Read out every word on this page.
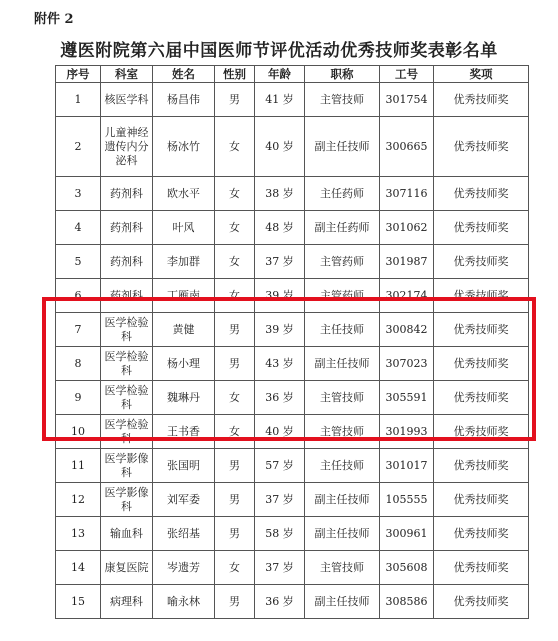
附件 2
遵医附院第六届中国医师节评优活动优秀技师奖表彰名单
序号	科室	姓名	性别	年龄	职称	工号	奖项
1	核医学科	杨昌伟	男	41 岁	主管技师	301754	优秀技师奖
2	儿童神经遗传内分泌科	杨冰竹	女	40 岁	副主任技师	300665	优秀技师奖
3	药剂科	欧水平	女	38 岁	主任药师	307116	优秀技师奖
4	药剂科	叶风	女	48 岁	副主任药师	301062	优秀技师奖
5	药剂科	李加群	女	37 岁	主管药师	301987	优秀技师奖
6	药剂科	丁雁南	女	39 岁	主管药师	302174	优秀技师奖
7	医学检验科	黄健	男	39 岁	主任技师	300842	优秀技师奖
8	医学检验科	杨小理	男	43 岁	副主任技师	307023	优秀技师奖
9	医学检验科	魏琳丹	女	36 岁	主管技师	305591	优秀技师奖
10	医学检验科	王书香	女	40 岁	主管技师	301993	优秀技师奖
11	医学影像科	张国明	男	57 岁	主任技师	301017	优秀技师奖
12	医学影像科	刘军委	男	37 岁	副主任技师	105555	优秀技师奖
13	输血科	张绍基	男	58 岁	副主任技师	300961	优秀技师奖
14	康复医院	岑遗芳	女	37 岁	主管技师	305608	优秀技师奖
15	病理科	喻永林	男	36 岁	副主任技师	308586	优秀技师奖
